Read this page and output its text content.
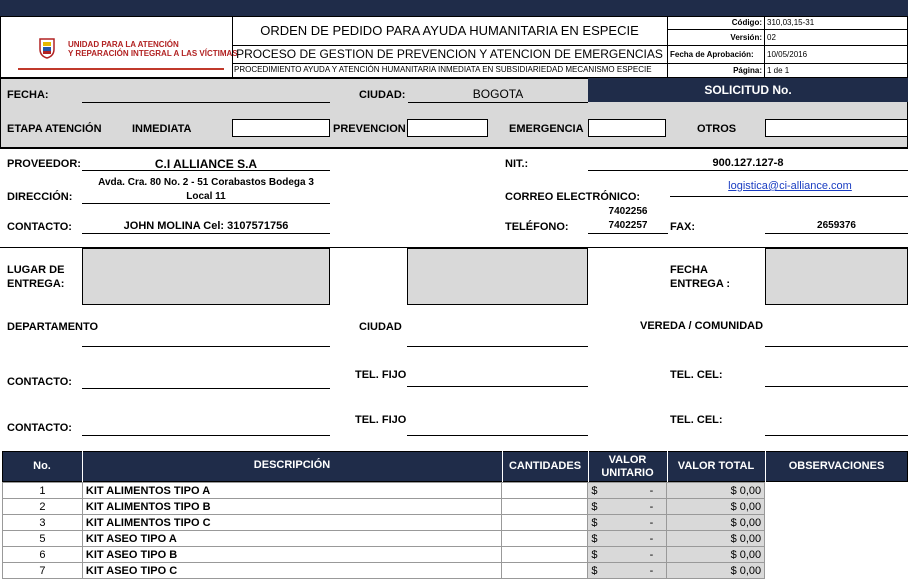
UNIDAD PARA LA ATENCIÓN
Y REPARACIÓN INTEGRAL A LAS VÍCTIMAS
ORDEN DE PEDIDO PARA AYUDA HUMANITARIA EN ESPECIE
PROCESO DE GESTION DE PREVENCION Y ATENCION DE EMERGENCIAS
PROCEDIMIENTO AYUDA Y ATENCIÓN HUMANITARIA INMEDIATA EN SUBSIDIARIEDAD MECANISMO ESPECIE
Código: 310,03,15-31
Versión: 02
Fecha de Aprobación: 10/05/2016
Página: 1 de 1
FECHA:	CIUDAD:	BOGOTA	SOLICITUD No.
ETAPA ATENCIÓN	INMEDIATA	PREVENCION	EMERGENCIA	OTROS
PROVEEDOR:	C.I ALLIANCE S.A	NIT.:	900.127.127-8
DIRECCIÓN:
Avda. Cra. 80 No. 2 - 51 Corabastos Bodega 3
Local 11	CORREO ELECTRÓNICO:
logistica@ci-alliance.com
CONTACTO:	JOHN MOLINA Cel: 3107571756	TELÉFONO:
7402256
7402257	FAX:	2659376
LUGAR DE
ENTREGA:
FECHA
ENTREGA :
DEPARTAMENTO	CIUDAD	VEREDA / COMUNIDAD
CONTACTO:
TEL. FIJO	TEL. CEL:
CONTACTO:
TEL. FIJO	TEL. CEL:
No.	DESCRIPCIÓN	CANTIDADES	VALOR
UNITARIO
VALOR TOTAL	OBSERVACIONES
1	KIT ALIMENTOS TIPO A		$ -	$ 0,00	
2	KIT ALIMENTOS TIPO B		$ -	$ 0,00	
3	KIT ALIMENTOS TIPO C		$ -	$ 0,00	
5	KIT ASEO TIPO A		$ -	$ 0,00	
6	KIT ASEO TIPO B		$ -	$ 0,00	
7	KIT ASEO TIPO C		$ -	$ 0,00	
